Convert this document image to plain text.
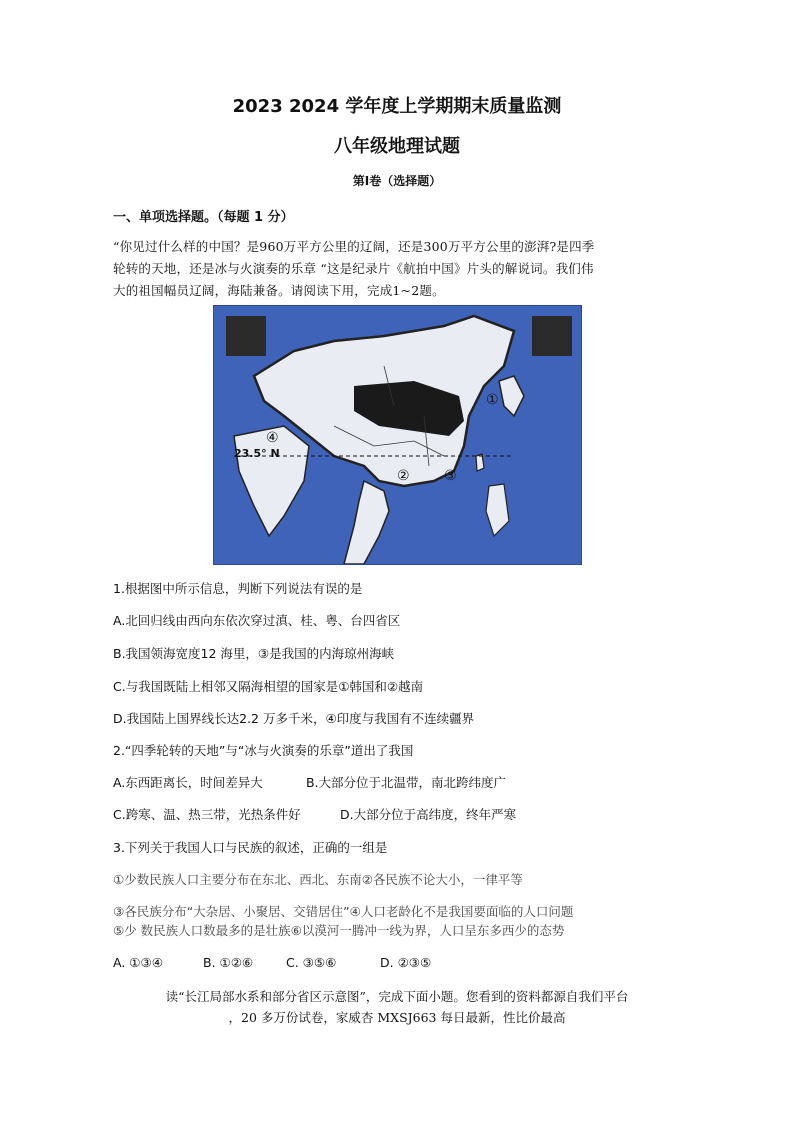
2023 2024 学年度上学期期末质量监测
八年级地理试题
第Ⅰ卷（选择题）
一、单项选择题。（每题 1 分）
“你见过什么样的中国？是960万平方公里的辽阔，还是300万平方公里的澎湃?是四季
轮转的天地，还是冰与火演奏的乐章 “这是纪录片《航拍中国》片头的解说词。我们伟
大的祖国幅员辽阔，海陆兼备。请阅读下用，完成1~2题。
④
23.5° N
② ③
①
1.根据图中所示信息，判断下列说法有误的是
A.北回归线由西向东依次穿过滇、桂、粤、台四省区
B.我国领海宽度12 海里，③是我国的内海琼州海峡
C.与我国既陆上相邻又隔海相望的国家是①韩国和②越南
D.我国陆上国界线长达2.2 万多千米，④印度与我国有不连续疆界
2.“四季轮转的天地”与“冰与火演奏的乐章”道出了我国
A.东西距离长，时间差异大	B.大部分位于北温带，南北跨纬度广
C.跨寒、温、热三带，光热条件好	D.大部分位于高纬度，终年严寒
3.下列关于我国人口与民族的叙述，正确的一组是
①少数民族人口主要分布在东北、西北、东南②各民族不论大小，一律平等
③各民族分布“大杂居、小聚居、交错居住”④人口老龄化不是我国要面临的人口问题
⑤少 数民族人口数最多的是壮族⑥以漠河一腾冲一线为界，人口呈东多西少的态势
A. ①③④	B. ①②⑥	C. ③⑤⑥	D. ②③⑤
读“长江局部水系和部分省区示意图”，完成下面小题。您看到的资料都源自我们平台
，20 多万份试卷，家威杏 MXSJ663 每日最新，性比价最高
